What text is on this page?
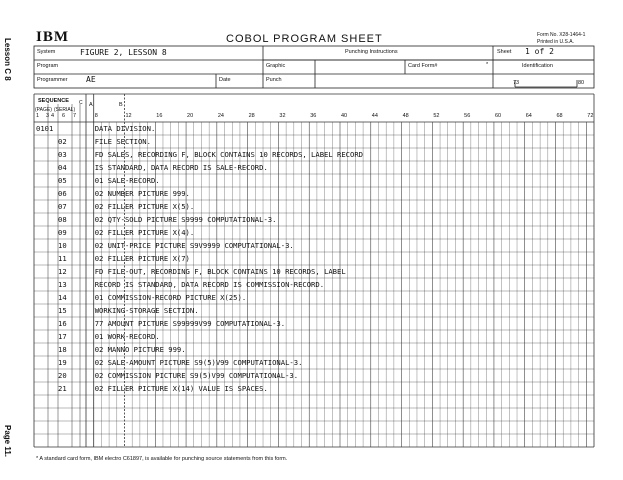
Lesson C 8
Page 11.
IBM	COBOL PROGRAM SHEET	Form No. X28-1464-1
Printed in U.S.A.
System	FIGURE 2, LESSON 8
Program
Programmer AE	Date
Punching Instructions
Graphic
Punch
Card Form#	*
Sheet 1 of 2
Identification
73	80
SEQUENCE
(PAGE) (SERIAL)
C A	B
1 3 4 6 7	8	12	16	20	24	28	32	36	40	44	48	52	56	60	64	68	72
0101	DATA DIVISION.
02	FILE SECTION.
03	FD SALES, RECORDING F, BLOCK CONTAINS 10 RECORDS, LABEL RECORD
04	IS STANDARD, DATA RECORD IS SALE-RECORD.
05	01 SALE-RECORD.
06	02 NUMBER PICTURE 999.
07	02 FILLER PICTURE X(5).
08	02 QTY-SOLD PICTURE S9999 COMPUTATIONAL-3.
09	02 FILLER PICTURE X(4).
10	02 UNIT-PRICE PICTURE S9V9999 COMPUTATIONAL-3.
11	02 FILLER PICTURE X(7)
12	FD FILE-OUT, RECORDING F, BLOCK CONTAINS 10 RECORDS, LABEL
13	RECORD IS STANDARD, DATA RECORD IS COMMISSION-RECORD.
14	01 COMMISSION-RECORD PICTURE X(25).
15	WORKING-STORAGE SECTION.
16	77 AMOUNT PICTURE S99999V99 COMPUTATIONAL-3.
17	01 WORK-RECORD.
18	02 MANNO PICTURE 999.
19	02 SALE-AMOUNT PICTURE S9(5)V99 COMPUTATIONAL-3.
20	02 COMMISSION PICTURE S9(5)V99 COMPUTATIONAL-3.
21	02 FILLER PICTURE X(14) VALUE IS SPACES.
* A standard card form, IBM electro C61897, is available for punching source statements from this form.
